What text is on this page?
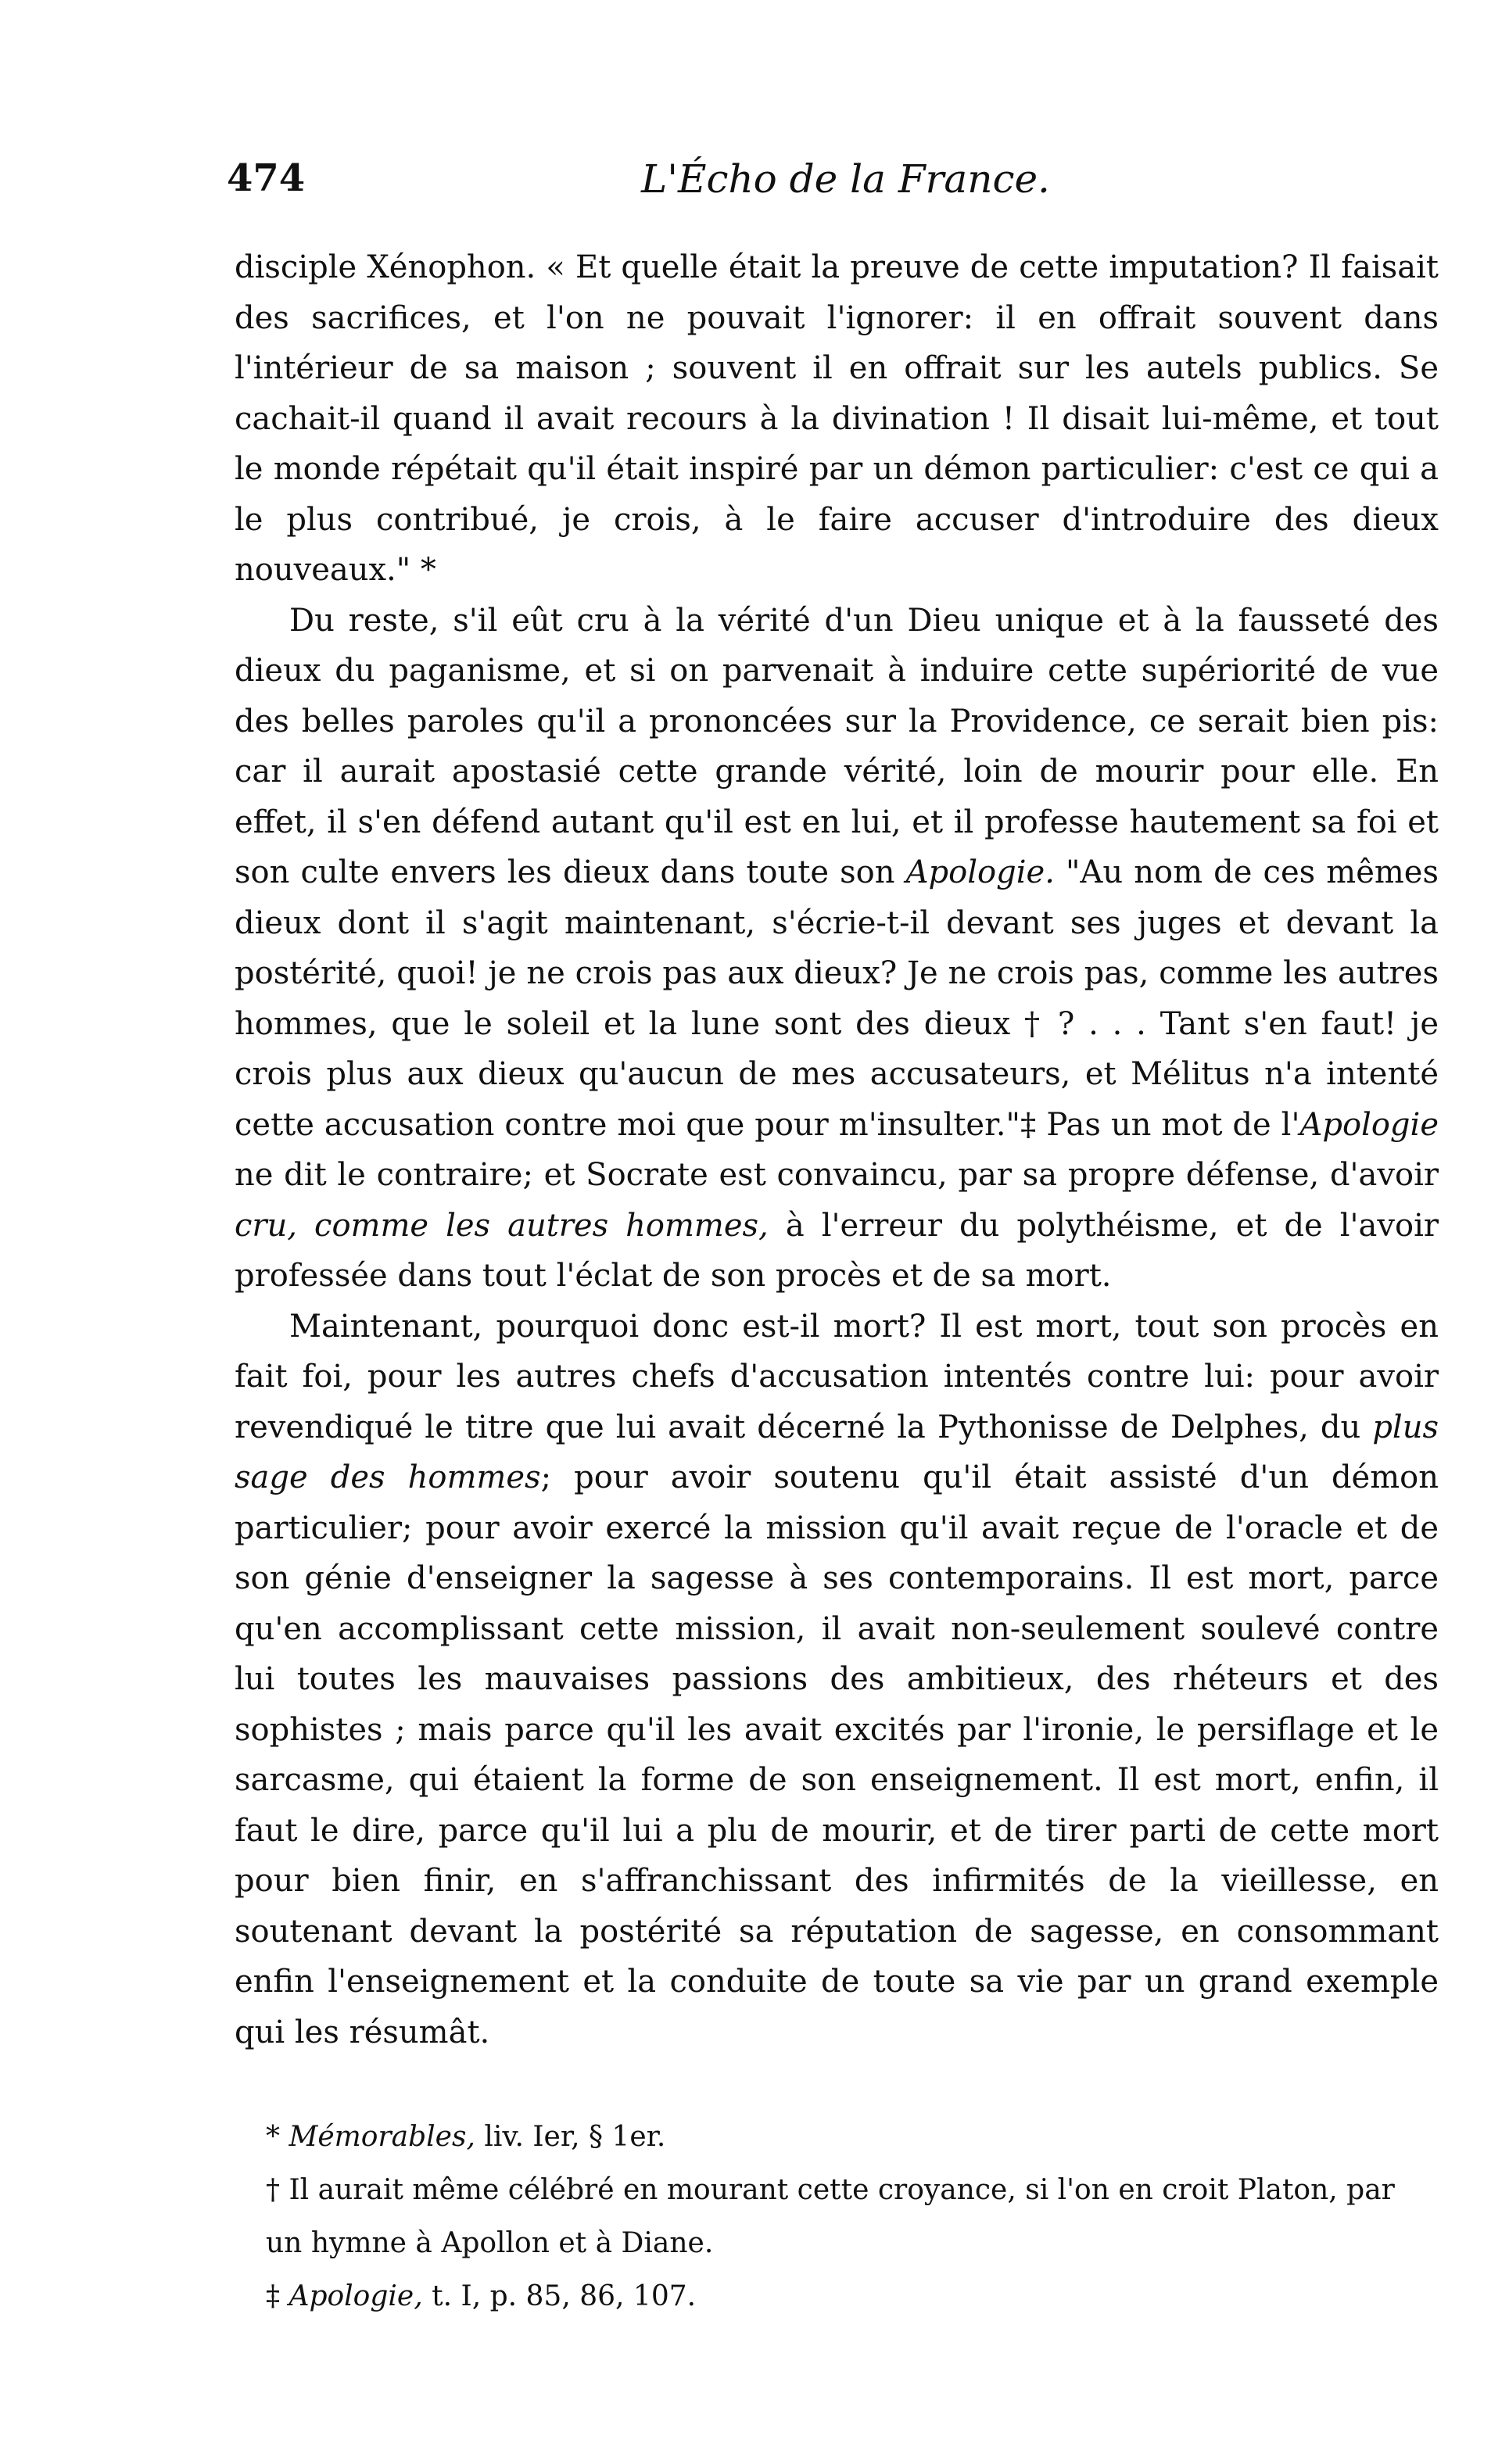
474	L'Écho de la France.

disciple Xénophon. « Et quelle était la preuve de cette imputation? Il faisait des sacrifices, et l'on ne pouvait l'ignorer: il en offrait souvent dans l'intérieur de sa maison ; souvent il en offrait sur les autels publics. Se cachait-il quand il avait recours à la divination ! Il disait lui-même, et tout le monde répétait qu'il était inspiré par un démon particulier: c'est ce qui a le plus contribué, je crois, à le faire accuser d'introduire des dieux nouveaux." *

Du reste, s'il eût cru à la vérité d'un Dieu unique et à la fausseté des dieux du paganisme, et si on parvenait à induire cette supériorité de vue des belles paroles qu'il a prononcées sur la Providence, ce serait bien pis: car il aurait apostasié cette grande vérité, loin de mourir pour elle. En effet, il s'en défend autant qu'il est en lui, et il professe hautement sa foi et son culte envers les dieux dans toute son Apologie. "Au nom de ces mêmes dieux dont il s'agit maintenant, s'écrie-t-il devant ses juges et devant la postérité, quoi! je ne crois pas aux dieux? Je ne crois pas, comme les autres hommes, que le soleil et la lune sont des dieux † ? . . . Tant s'en faut! je crois plus aux dieux qu'aucun de mes accusateurs, et Mélitus n'a intenté cette accusation contre moi que pour m'insulter."‡ Pas un mot de l'Apologie ne dit le contraire; et Socrate est convaincu, par sa propre défense, d'avoir cru, comme les autres hommes, à l'erreur du polythéisme, et de l'avoir professée dans tout l'éclat de son procès et de sa mort.

Maintenant, pourquoi donc est-il mort? Il est mort, tout son procès en fait foi, pour les autres chefs d'accusation intentés contre lui: pour avoir revendiqué le titre que lui avait décerné la Pythonisse de Delphes, du plus sage des hommes; pour avoir soutenu qu'il était assisté d'un démon particulier; pour avoir exercé la mission qu'il avait reçue de l'oracle et de son génie d'enseigner la sagesse à ses contemporains. Il est mort, parce qu'en accomplissant cette mission, il avait non-seulement soulevé contre lui toutes les mauvaises passions des ambitieux, des rhéteurs et des sophistes ; mais parce qu'il les avait excités par l'ironie, le persiflage et le sarcasme, qui étaient la forme de son enseignement. Il est mort, enfin, il faut le dire, parce qu'il lui a plu de mourir, et de tirer parti de cette mort pour bien finir, en s'affranchissant des infirmités de la vieillesse, en soutenant devant la postérité sa réputation de sagesse, en consommant enfin l'enseignement et la conduite de toute sa vie par un grand exemple qui les résumât.

* Mémorables, liv. Ier, § 1er.

† Il aurait même célébré en mourant cette croyance, si l'on en croit Platon, par un hymne à Apollon et à Diane.

‡ Apologie, t. I, p. 85, 86, 107.
